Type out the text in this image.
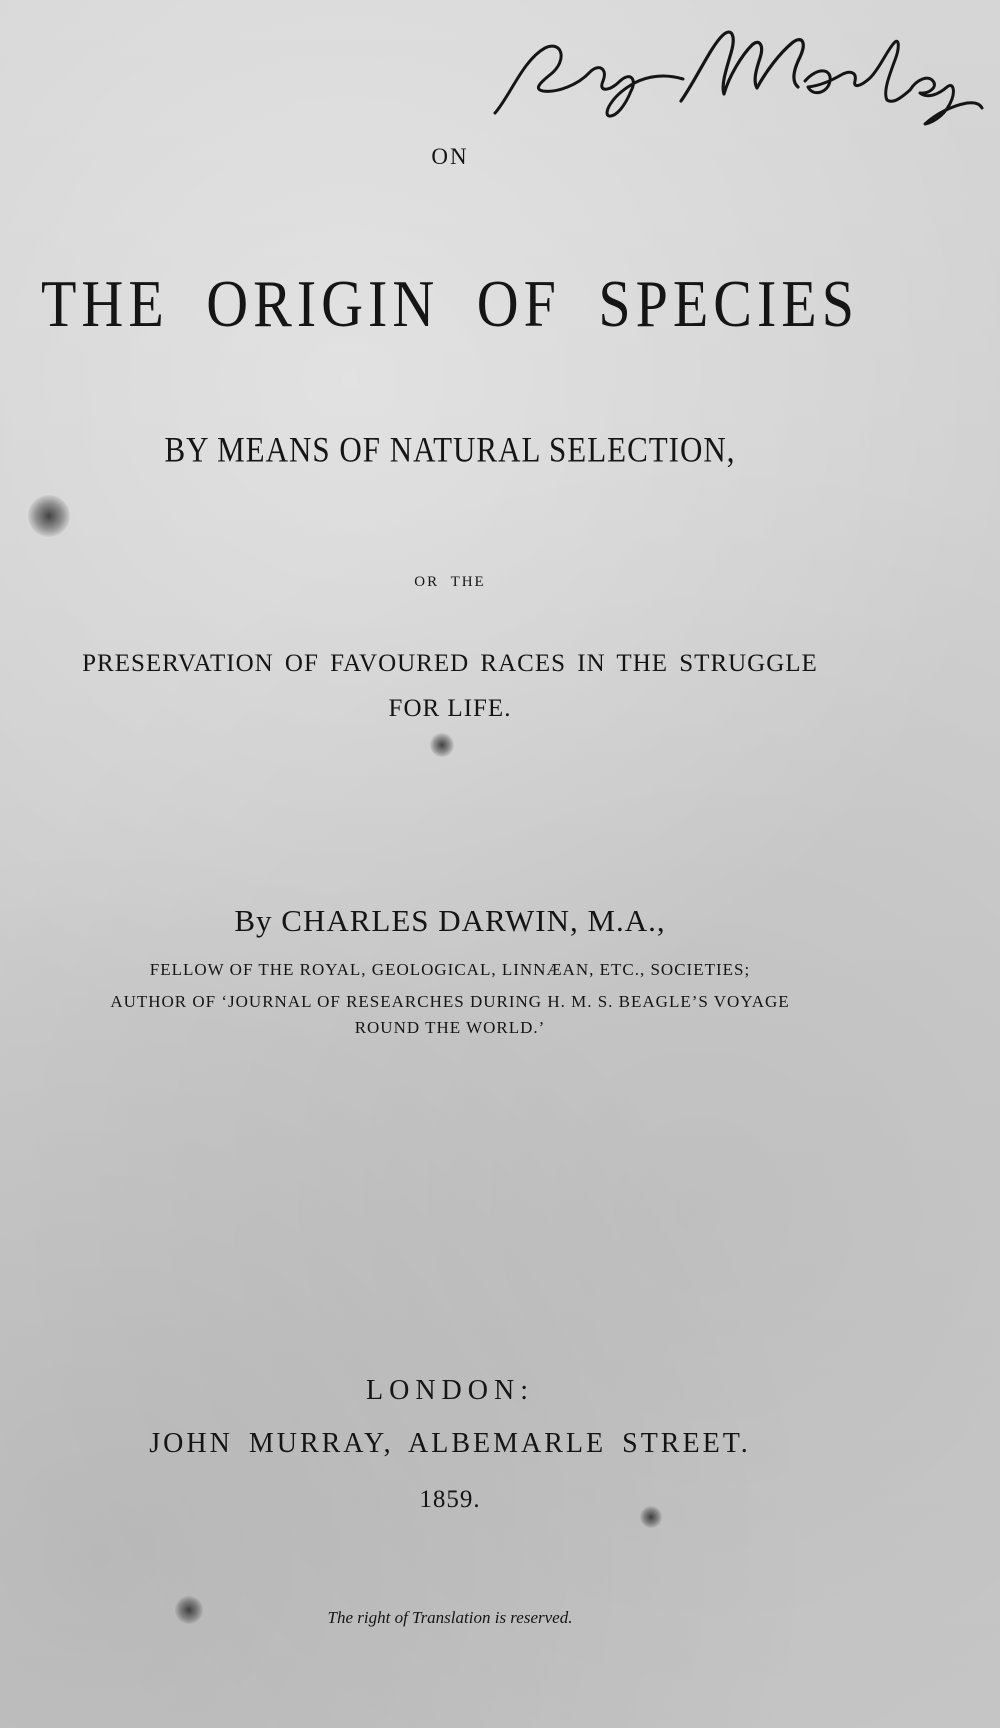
ON
THE ORIGIN OF SPECIES
BY MEANS OF NATURAL SELECTION,
OR THE
PRESERVATION OF FAVOURED RACES IN THE STRUGGLE
FOR LIFE.
By CHARLES DARWIN, M.A.,
FELLOW OF THE ROYAL, GEOLOGICAL, LINNÆAN, ETC., SOCIETIES;
AUTHOR OF ‘JOURNAL OF RESEARCHES DURING H. M. S. BEAGLE’S VOYAGE
ROUND THE WORLD.’
LONDON:
JOHN MURRAY, ALBEMARLE STREET.
1859.
The right of Translation is reserved.
